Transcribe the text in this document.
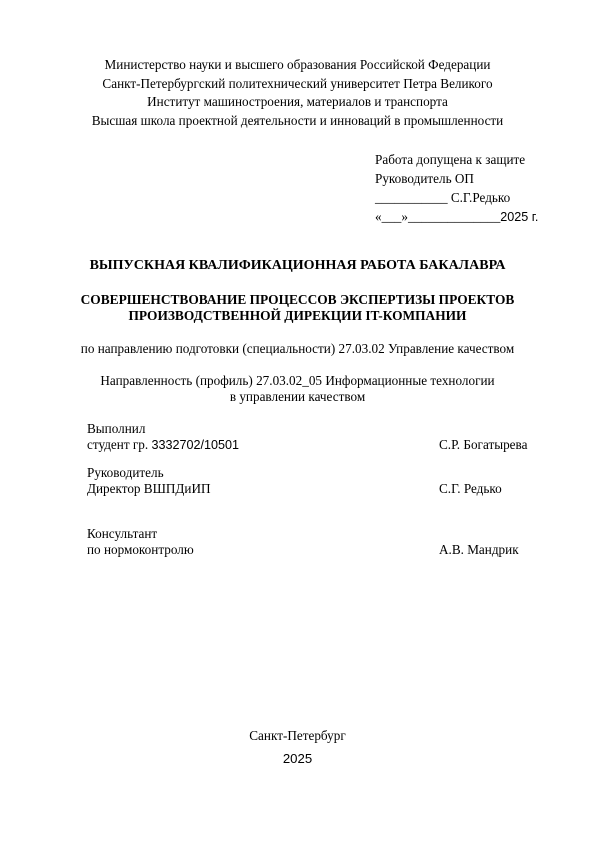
Министерство науки и высшего образования Российской Федерации
Санкт-Петербургский политехнический университет Петра Великого
Институт машиностроения, материалов и транспорта
Высшая школа проектной деятельности и инноваций в промышленности
Работа допущена к защите
Руководитель ОП
___________ С.Г.Редько
«___»______________2025 г.
ВЫПУСКНАЯ КВАЛИФИКАЦИОННАЯ РАБОТА БАКАЛАВРА
СОВЕРШЕНСТВОВАНИЕ ПРОЦЕССОВ ЭКСПЕРТИЗЫ ПРОЕКТОВ
ПРОИЗВОДСТВЕННОЙ ДИРЕКЦИИ IT-КОМПАНИИ
по направлению подготовки (специальности) 27.03.02 Управление качеством
Направленность (профиль) 27.03.02_05 Информационные технологии
в управлении качеством
Выполнил
студент гр. 3332702/10501	С.Р. Богатырева
Руководитель
Директор ВШПДиИП	С.Г. Редько
Консультант
по нормоконтролю	А.В. Мандрик
Санкт-Петербург
2025
